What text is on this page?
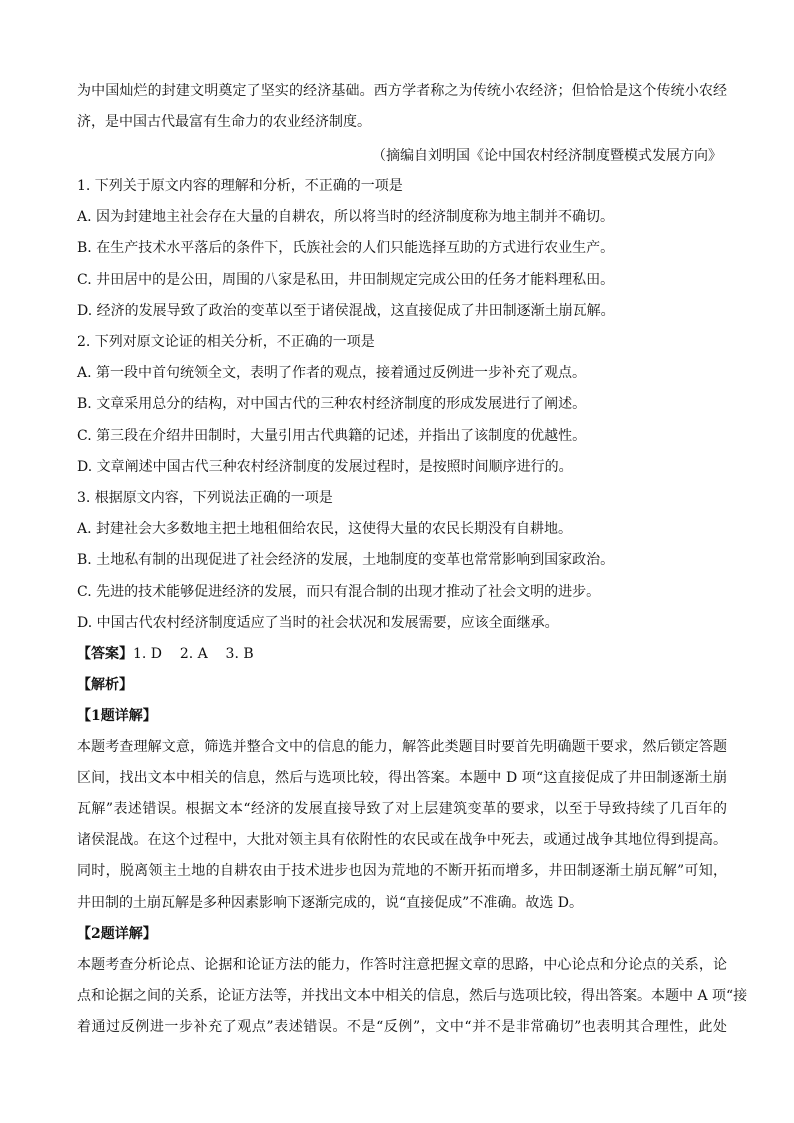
为中国灿烂的封建文明奠定了坚实的经济基础。西方学者称之为传统小农经济；但恰恰是这个传统小农经
济，是中国古代最富有生命力的农业经济制度。
（摘编自刘明国《论中国农村经济制度暨模式发展方向》
1. 下列关于原文内容的理解和分析，不正确的一项是
A. 因为封建地主社会存在大量的自耕农，所以将当时的经济制度称为地主制并不确切。
B. 在生产技术水平落后的条件下，氏族社会的人们只能选择互助的方式进行农业生产。
C. 井田居中的是公田，周围的八家是私田，井田制规定完成公田的任务才能料理私田。
D. 经济的发展导致了政治的变革以至于诸侯混战，这直接促成了井田制逐渐土崩瓦解。
2. 下列对原文论证的相关分析，不正确的一项是
A. 第一段中首句统领全文，表明了作者的观点，接着通过反例进一步补充了观点。
B. 文章采用总分的结构，对中国古代的三种农村经济制度的形成发展进行了阐述。
C. 第三段在介绍井田制时，大量引用古代典籍的记述，并指出了该制度的优越性。
D. 文章阐述中国古代三种农村经济制度的发展过程时，是按照时间顺序进行的。
3. 根据原文内容，下列说法正确的一项是
A. 封建社会大多数地主把土地租佃给农民，这使得大量的农民长期没有自耕地。
B. 土地私有制的出现促进了社会经济的发展，土地制度的变革也常常影响到国家政治。
C. 先进的技术能够促进经济的发展，而只有混合制的出现才推动了社会文明的进步。
D. 中国古代农村经济制度适应了当时的社会状况和发展需要，应该全面继承。
【答案】1. D    2. A    3. B
【解析】
【1题详解】
本题考查理解文意，筛选并整合文中的信息的能力，解答此类题目时要首先明确题干要求，然后锁定答题
区间，找出文本中相关的信息，然后与选项比较，得出答案。本题中 D 项“这直接促成了井田制逐渐土崩
瓦解”表述错误。根据文本“经济的发展直接导致了对上层建筑变革的要求，以至于导致持续了几百年的
诸侯混战。在这个过程中，大批对领主具有依附性的农民或在战争中死去，或通过战争其地位得到提高。
同时，脱离领主土地的自耕农由于技术进步也因为荒地的不断开拓而增多，井田制逐渐土崩瓦解”可知，
井田制的土崩瓦解是多种因素影响下逐渐完成的，说“直接促成”不准确。故选 D。
【2题详解】
本题考查分析论点、论据和论证方法的能力，作答时注意把握文章的思路，中心论点和分论点的关系，论
点和论据之间的关系，论证方法等，并找出文本中相关的信息，然后与选项比较，得出答案。本题中 A 项“接
着通过反例进一步补充了观点”表述错误。不是“反例”，文中“并不是非常确切”也表明其合理性，此处
